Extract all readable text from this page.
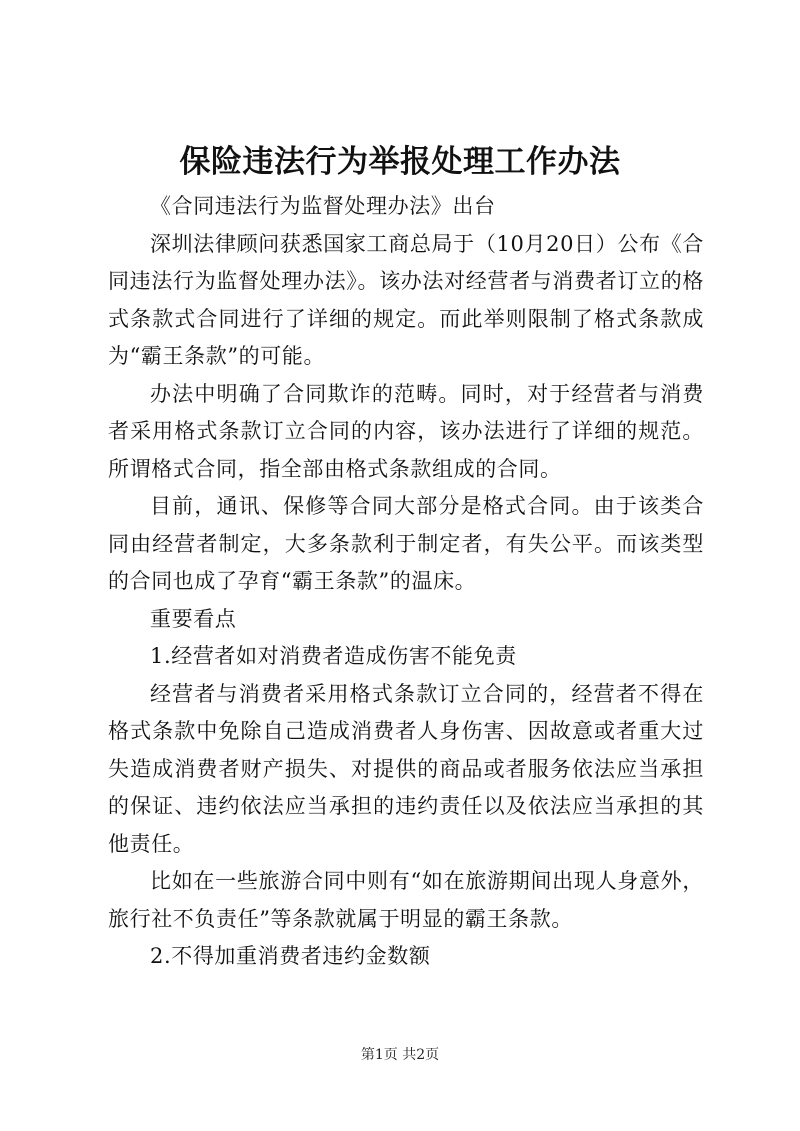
保险违法行为举报处理工作办法

《合同违法行为监督处理办法》出台

深圳法律顾问获悉国家工商总局于（10月20日）公布《合同违法行为监督处理办法》。该办法对经营者与消费者订立的格式条款式合同进行了详细的规定。而此举则限制了格式条款成为“霸王条款”的可能。

办法中明确了合同欺诈的范畴。同时，对于经营者与消费者采用格式条款订立合同的内容，该办法进行了详细的规范。所谓格式合同，指全部由格式条款组成的合同。

目前，通讯、保修等合同大部分是格式合同。由于该类合同由经营者制定，大多条款利于制定者，有失公平。而该类型的合同也成了孕育“霸王条款”的温床。

重要看点

1.经营者如对消费者造成伤害不能免责

经营者与消费者采用格式条款订立合同的，经营者不得在格式条款中免除自己造成消费者人身伤害、因故意或者重大过失造成消费者财产损失、对提供的商品或者服务依法应当承担的保证、违约依法应当承担的违约责任以及依法应当承担的其他责任。

比如在一些旅游合同中则有“如在旅游期间出现人身意外，旅行社不负责任”等条款就属于明显的霸王条款。

2.不得加重消费者违约金数额

第1页 共2页
